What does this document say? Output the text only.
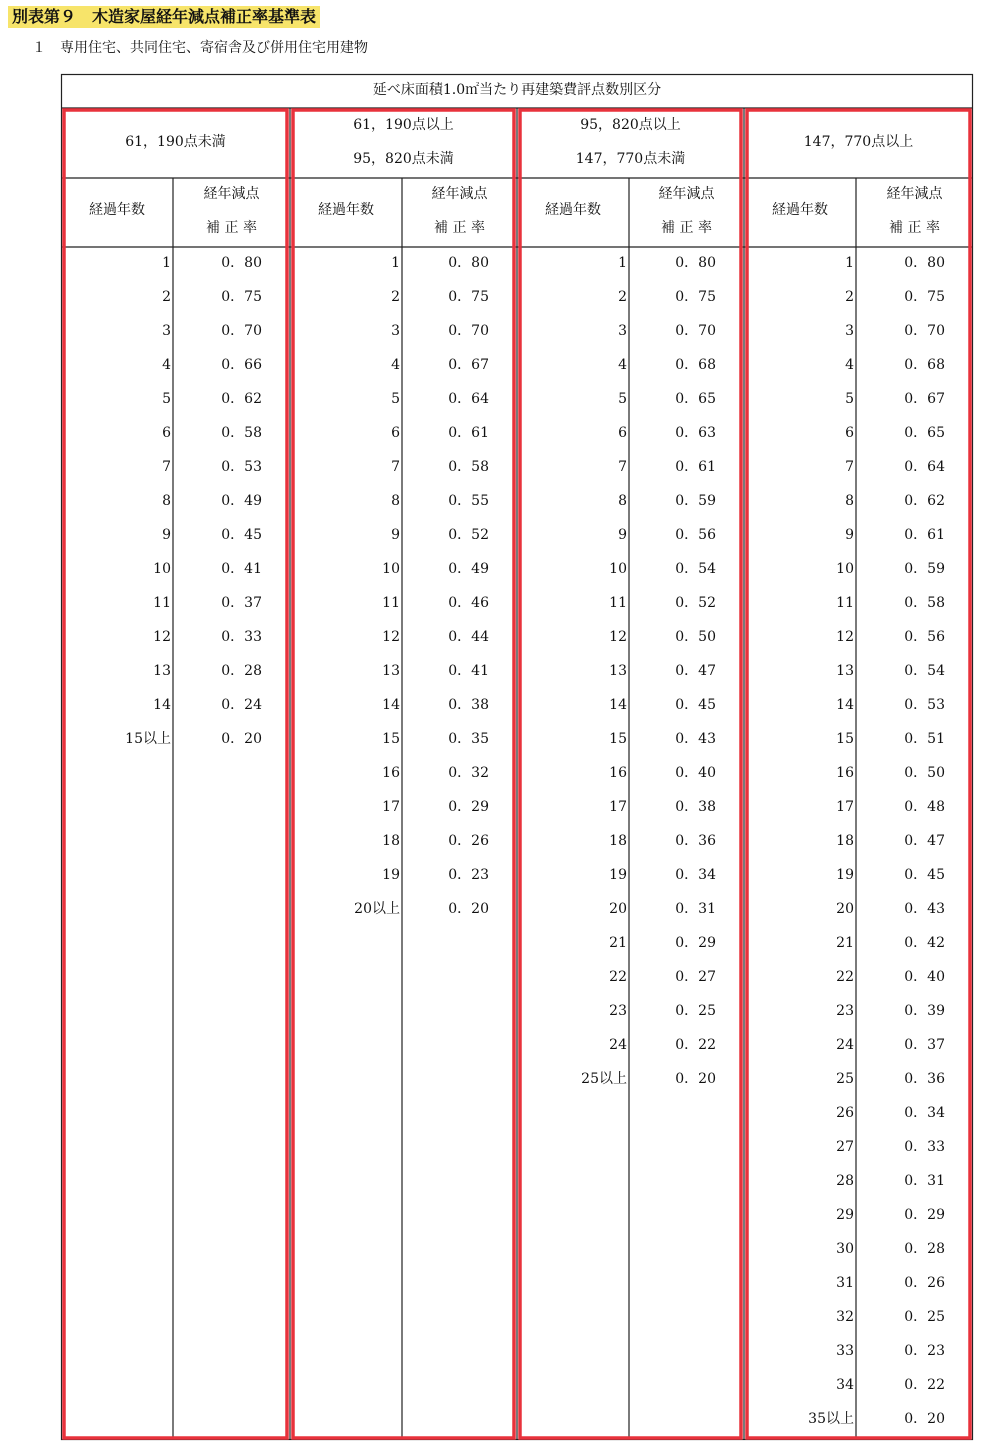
別表第９　木造家屋経年減点補正率基準表
１　専用住宅、共同住宅、寄宿舎及び併用住宅用建物
延べ床面積1.0㎡当たり再建築費評点数別区分
61，190点未満
経過年数
経年減点
補 正 率
1	0．80
2	0．75
3	0．70
4	0．66
5	0．62
6	0．58
7	0．53
8	0．49
9	0．45
10	0．41
11	0．37
12	0．33
13	0．28
14	0．24
15以上	0．20
61，190点以上
95，820点未満
経過年数
経年減点
補 正 率
1	0．80
2	0．75
3	0．70
4	0．67
5	0．64
6	0．61
7	0．58
8	0．55
9	0．52
10	0．49
11	0．46
12	0．44
13	0．41
14	0．38
15	0．35
16	0．32
17	0．29
18	0．26
19	0．23
20以上	0．20
95，820点以上
147，770点未満
経過年数
経年減点
補 正 率
1	0．80
2	0．75
3	0．70
4	0．68
5	0．65
6	0．63
7	0．61
8	0．59
9	0．56
10	0．54
11	0．52
12	0．50
13	0．47
14	0．45
15	0．43
16	0．40
17	0．38
18	0．36
19	0．34
20	0．31
21	0．29
22	0．27
23	0．25
24	0．22
25以上	0．20
147，770点以上
経過年数
経年減点
補 正 率
1	0．80
2	0．75
3	0．70
4	0．68
5	0．67
6	0．65
7	0．64
8	0．62
9	0．61
10	0．59
11	0．58
12	0．56
13	0．54
14	0．53
15	0．51
16	0．50
17	0．48
18	0．47
19	0．45
20	0．43
21	0．42
22	0．40
23	0．39
24	0．37
25	0．36
26	0．34
27	0．33
28	0．31
29	0．29
30	0．28
31	0．26
32	0．25
33	0．23
34	0．22
35以上	0．20
